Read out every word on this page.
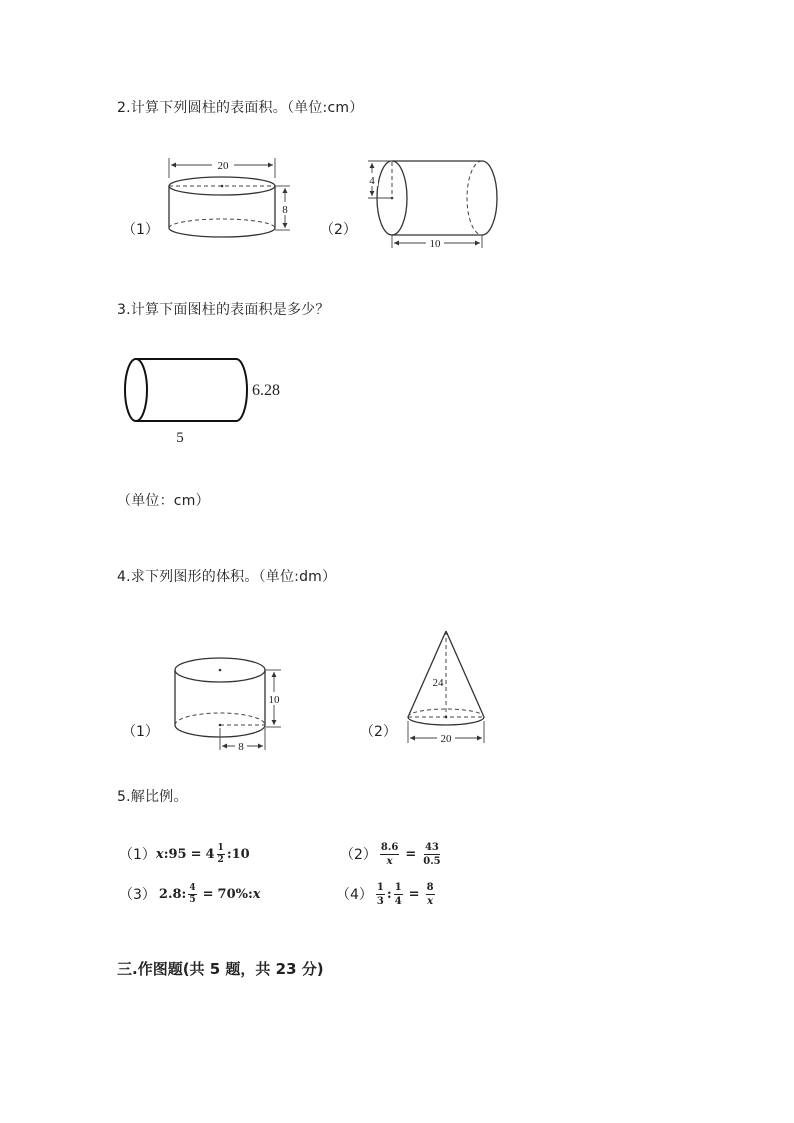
2.计算下列圆柱的表面积。（单位:cm）
（1）
20
8
（2）
4
10
3.计算下面图柱的表面积是多少？
6.28
5
（单位：cm）
4.求下列图形的体积。（单位:dm）
（1）
10
8
（2）
24
20
5.解比例。
（1） x : $95 = 4 \frac{1}{2}$ : 10	$(2) \frac{8.6}{x} = \frac{43}{0.5}$
（3） 2.8 : $\frac{4}{5} = 70\%$ : x	$(4) \frac{1}{3}$ : $\frac{1}{4} = \frac{8}{x}$
三.作图题(共 5 题，共 23 分)
